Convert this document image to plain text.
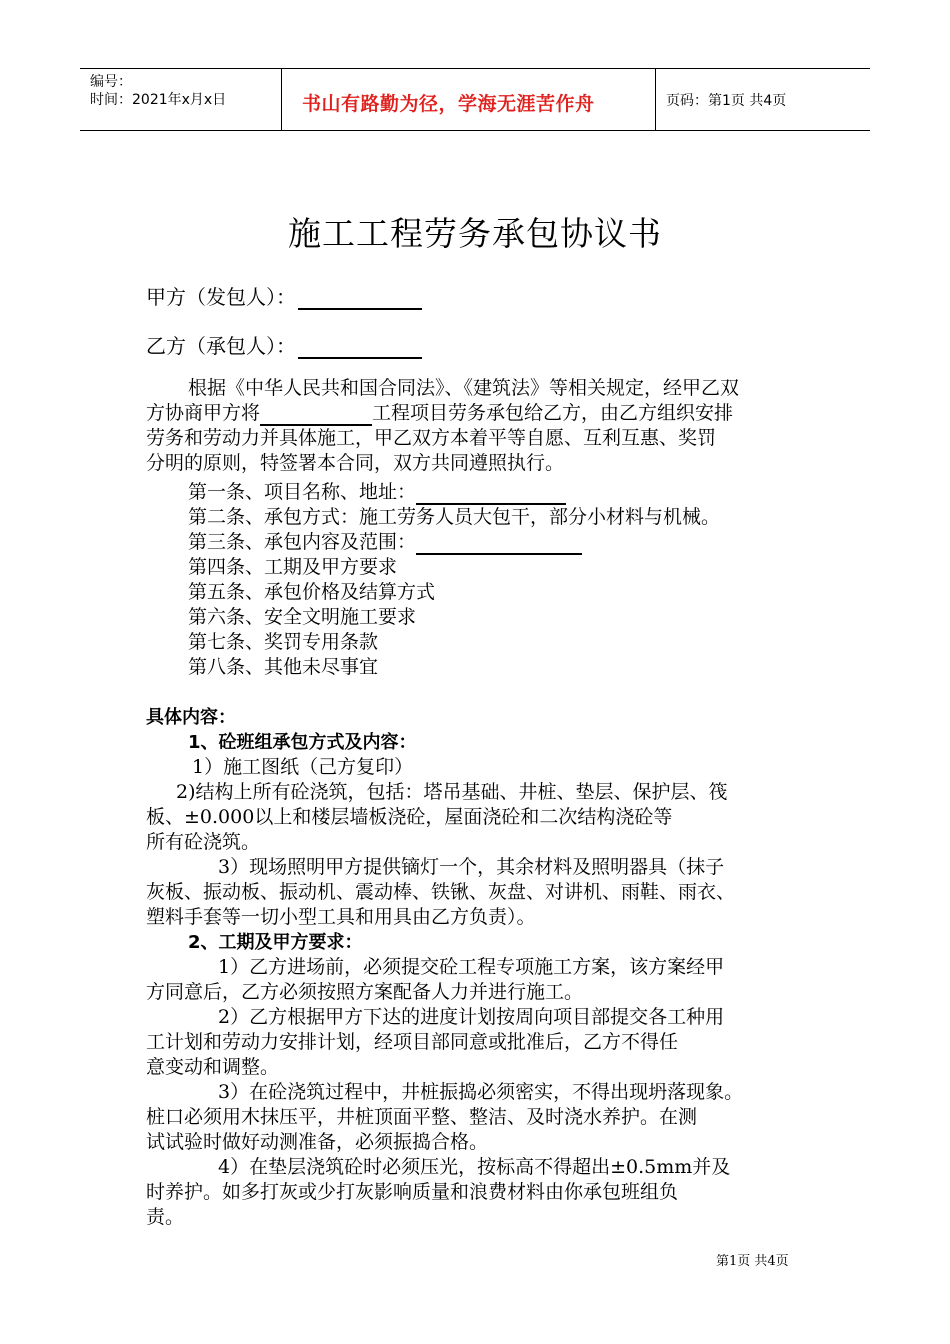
编号：
时间：2021年x月x日	书山有路勤为径，学海无涯苦作舟	页码：第1页 共4页
施工工程劳务承包协议书
甲方（发包人）：
乙方（承包人）：
根据《中华人民共和国合同法》、《建筑法》等相关规定，经甲乙双
方协商甲方将	工程项目劳务承包给乙方，由乙方组织安排
劳务和劳动力并具体施工，甲乙双方本着平等自愿、互利互惠、奖罚
分明的原则，特签署本合同，双方共同遵照执行。
第一条、项目名称、地址：
第二条、承包方式：施工劳务人员大包干，部分小材料与机械。
第三条、承包内容及范围：
第四条、工期及甲方要求
第五条、承包价格及结算方式
第六条、安全文明施工要求
第七条、奖罚专用条款
第八条、其他未尽事宜
具体内容：
1、砼班组承包方式及内容：
1）施工图纸（己方复印）
2)结构上所有砼浇筑，包括：塔吊基础、井桩、垫层、保护层、筏
板、±0.000以上和楼层墙板浇砼，屋面浇砼和二次结构浇砼等
所有砼浇筑。
3）现场照明甲方提供镝灯一个，其余材料及照明器具（抹子
灰板、振动板、振动机、震动棒、铁锹、灰盘、对讲机、雨鞋、雨衣、
塑料手套等一切小型工具和用具由乙方负责）。
2、工期及甲方要求：
1）乙方进场前，必须提交砼工程专项施工方案，该方案经甲
方同意后，乙方必须按照方案配备人力并进行施工。
2）乙方根据甲方下达的进度计划按周向项目部提交各工种用
工计划和劳动力安排计划，经项目部同意或批准后，乙方不得任
意变动和调整。
3）在砼浇筑过程中，井桩振捣必须密实，不得出现坍落现象。
桩口必须用木抹压平，井桩顶面平整、整洁、及时浇水养护。在测
试试验时做好动测准备，必须振捣合格。
4）在垫层浇筑砼时必须压光，按标高不得超出±0.5mm并及
时养护。如多打灰或少打灰影响质量和浪费材料由你承包班组负
责。
第1页 共4页
